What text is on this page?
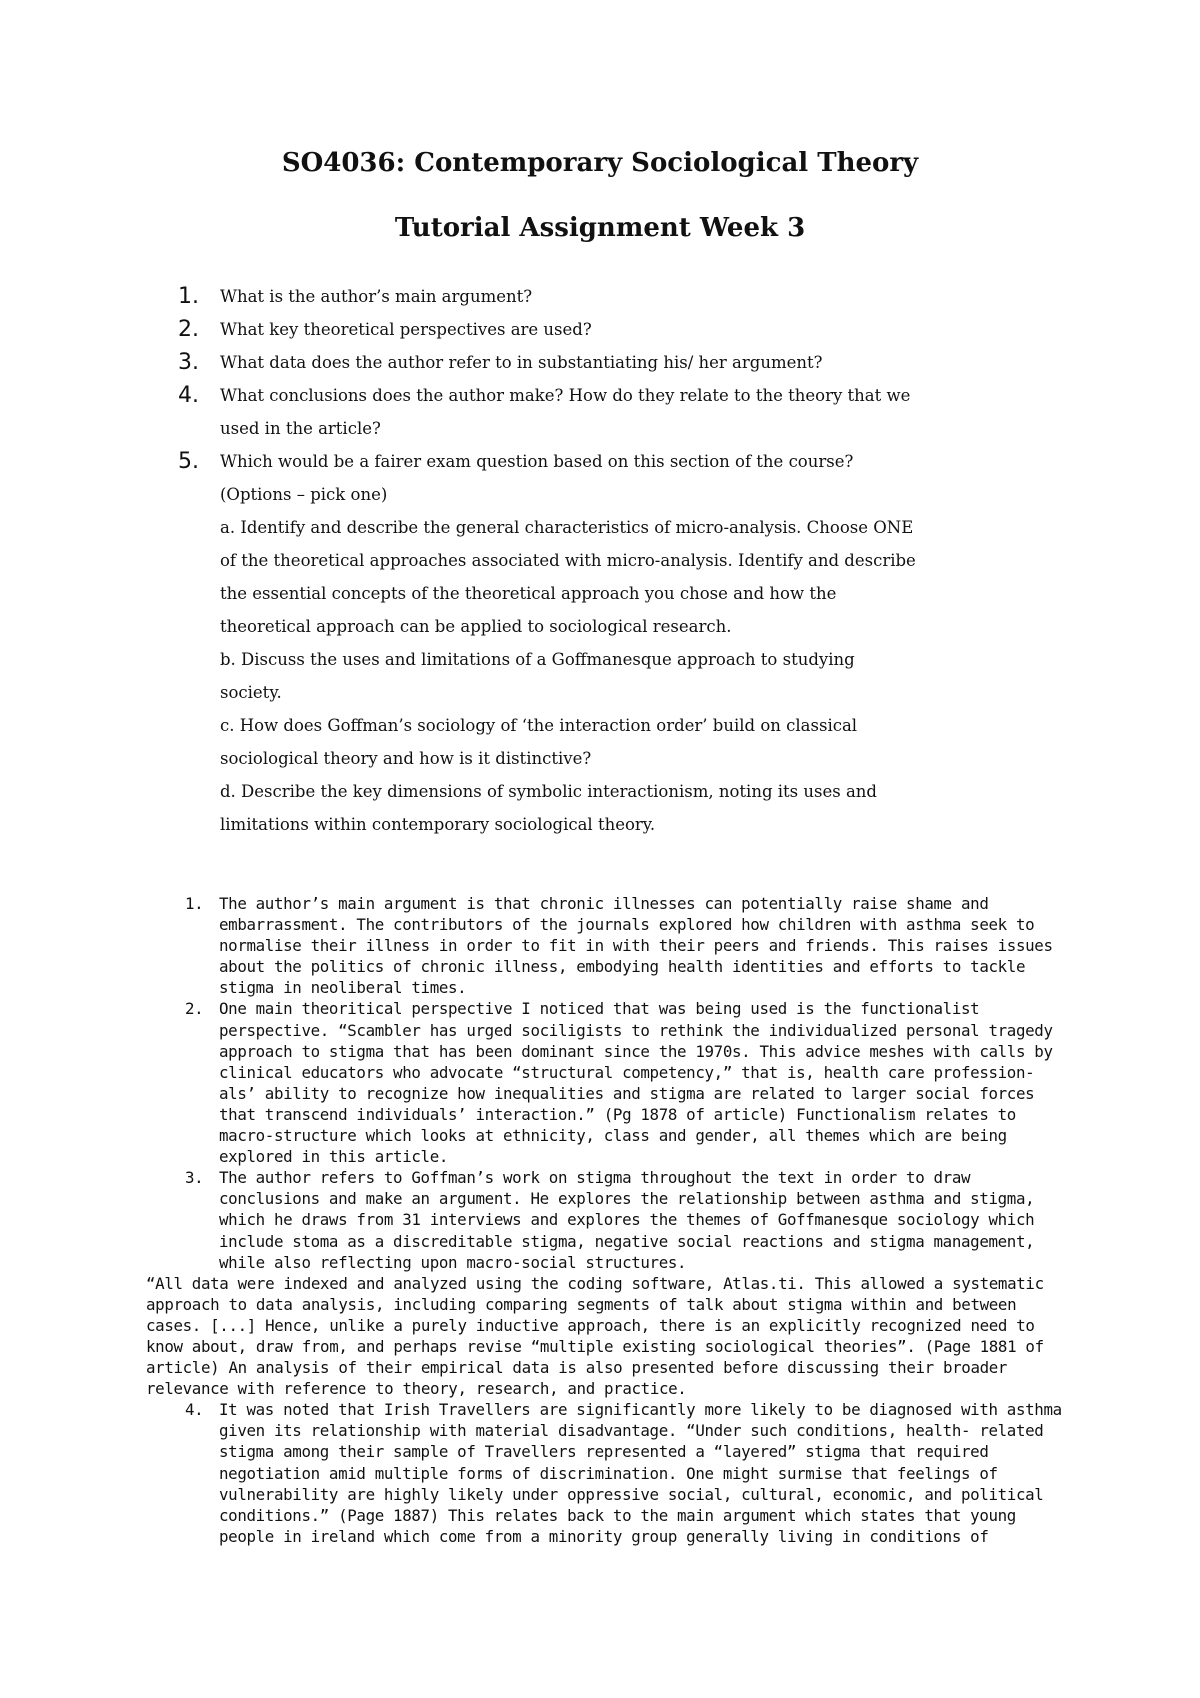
SO4036: Contemporary Sociological Theory
Tutorial Assignment Week 3

1. What is the author’s main argument?

2. What key theoretical perspectives are used?

3. What data does the author refer to in substantiating his/ her argument?

4. What conclusions does the author make? How do they relate to the theory that we used in the article?

5. Which would be a fairer exam question based on this section of the course?

(Options – pick one)

a. Identify and describe the general characteristics of micro-analysis. Choose ONE of the theoretical approaches associated with micro-analysis. Identify and describe the essential concepts of the theoretical approach you chose and how the theoretical approach can be applied to sociological research.

b. Discuss the uses and limitations of a Goffmanesque approach to studying society.

c. How does Goffman’s sociology of ‘the interaction order’ build on classical sociological theory and how is it distinctive?

d. Describe the key dimensions of symbolic interactionism, noting its uses and limitations within contemporary sociological theory.

1. The author’s main argument is that chronic illnesses can potentially raise shame and embarrassment. The contributors of the journals explored how children with asthma seek to normalise their illness in order to fit in with their peers and friends. This raises issues about the politics of chronic illness, embodying health identities and efforts to tackle stigma in neoliberal times.

2. One main theoritical perspective I noticed that was being used is the functionalist perspective. “Scambler has urged sociligists to rethink the individualized personal tragedy approach to stigma that has been dominant since the 1970s. This advice meshes with calls by clinical educators who advocate “structural competency,” that is, health care profession- als’ ability to recognize how inequalities and stigma are related to larger social forces that transcend individuals’ interaction.” (Pg 1878 of article) Functionalism relates to macro-structure which looks at ethnicity, class and gender, all themes which are being explored in this article.

3. The author refers to Goffman’s work on stigma throughout the text in order to draw conclusions and make an argument. He explores the relationship between asthma and stigma, which he draws from 31 interviews and explores the themes of Goffmanesque sociology which include stoma as a discreditable stigma, negative social reactions and stigma management, while also reflecting upon macro-social structures.

“All data were indexed and analyzed using the coding software, Atlas.ti. This allowed a systematic approach to data analysis, including comparing segments of talk about stigma within and between cases. [...] Hence, unlike a purely inductive approach, there is an explicitly recognized need to know about, draw from, and perhaps revise “multiple existing sociological theories”. (Page 1881 of article) An analysis of their empirical data is also presented before discussing their broader relevance with reference to theory, research, and practice.

4. It was noted that Irish Travellers are significantly more likely to be diagnosed with asthma given its relationship with material disadvantage. “Under such conditions, health- related stigma among their sample of Travellers represented a “layered” stigma that required negotiation amid multiple forms of discrimination. One might surmise that feelings of vulnerability are highly likely under oppressive social, cultural, economic, and political conditions.” (Page 1887) This relates back to the main argument which states that young people in ireland which come from a minority group generally living in conditions of
